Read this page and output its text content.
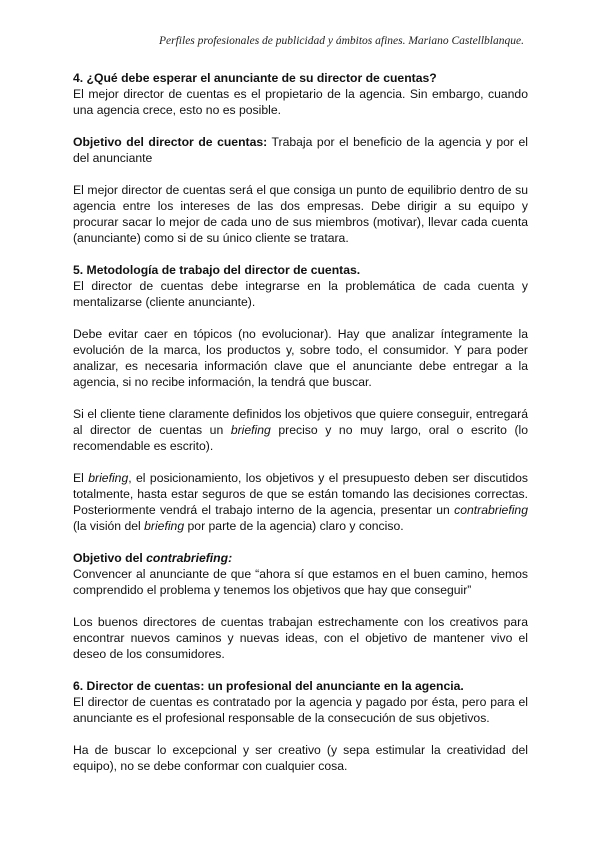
Perfiles profesionales de publicidad y ámbitos afines. Mariano Castellblanque.

4. ¿Qué debe esperar el anunciante de su director de cuentas?

El mejor director de cuentas es el propietario de la agencia. Sin embargo, cuando una agencia crece, esto no es posible.

Objetivo del director de cuentas: Trabaja por el beneficio de la agencia y por el del anunciante

El mejor director de cuentas será el que consiga un punto de equilibrio dentro de su agencia entre los intereses de las dos empresas. Debe dirigir a su equipo y procurar sacar lo mejor de cada uno de sus miembros (motivar), llevar cada cuenta (anunciante) como si de su único cliente se tratara.

5. Metodología de trabajo del director de cuentas.

El director de cuentas debe integrarse en la problemática de cada cuenta y mentalizarse (cliente anunciante).

Debe evitar caer en tópicos (no evolucionar). Hay que analizar íntegramente la evolución de la marca, los productos y, sobre todo, el consumidor. Y para poder analizar, es necesaria información clave que el anunciante debe entregar a la agencia, si no recibe información, la tendrá que buscar.

Si el cliente tiene claramente definidos los objetivos que quiere conseguir, entregará al director de cuentas un briefing preciso y no muy largo, oral o escrito (lo recomendable es escrito).

El briefing, el posicionamiento, los objetivos y el presupuesto deben ser discutidos totalmente, hasta estar seguros de que se están tomando las decisiones correctas. Posteriormente vendrá el trabajo interno de la agencia, presentar un contrabriefing (la visión del briefing por parte de la agencia) claro y conciso.

Objetivo del contrabriefing:

Convencer al anunciante de que “ahora sí que estamos en el buen camino, hemos comprendido el problema y tenemos los objetivos que hay que conseguir”

Los buenos directores de cuentas trabajan estrechamente con los creativos para encontrar nuevos caminos y nuevas ideas, con el objetivo de mantener vivo el deseo de los consumidores.

6. Director de cuentas: un profesional del anunciante en la agencia.

El director de cuentas es contratado por la agencia y pagado por ésta, pero para el anunciante es el profesional responsable de la consecución de sus objetivos.

Ha de buscar lo excepcional y ser creativo (y sepa estimular la creatividad del equipo), no se debe conformar con cualquier cosa.
